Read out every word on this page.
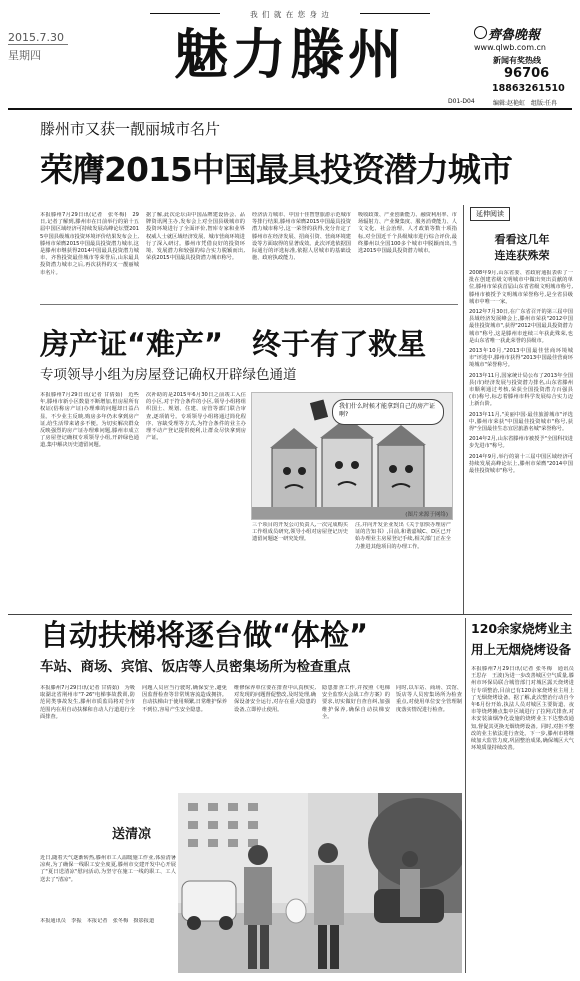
我 们 就 在 您 身 边
2015.7.30
星期四	魅力滕州	齊魯晚報
www.qlwb.com.cn
新闻有奖热线
96706
18863261510
D01-D04	编辑:赵艳虹　组版:任冉
滕州市又获一靓丽城市名片
荣膺2015中国最具投资潜力城市
本报滕州7月29日讯(记者　张冬梅)　29日,记者了解到,滕州市在日前举行的第十五届中国区域经济可持续发展高峰论坛暨2015中国县级城市投资环境评价结果发布会上,滕州市荣膺2015中国最具投资潜力城市,这是滕州市继获得2014中国最具投资潜力城市、齐鲁投资最佳城市等荣誉后,山东最具投资潜力城市之后,再次获得的又一靓丽城市名片。
据了解,此次论坛由中国品牌建设协会、品牌资讯网主办,发布会上对全国县级城市的投资环境进行了全面评价,智库专家和业界权威人士就区域经济发展、城市营商环境进行了深入研讨。滕州市凭借良好的投资环境、发展潜力和较强的综合实力脱颖而出,荣获2015中国最具投资潜力城市称号。
经济活力城市、中国十佳智慧旅游示范城市等排行结果,滕州市荣膺2015中国最具投资潜力城市称号,这一荣誉的获得,充分肯定了滕州市在经济发展、招商引资、营商环境建设等方面取得的显著成效。此次评选依据国际通行的评选标准,依据人居城市的基础设施、政府执政能力、
吸收政策、产业创新能力、融资利用率、市场辐射力、产业聚集度、服务消费能力、人文文化、社会治理、人才政策等数十项指标,对全国近千个县级城市进行综合评价,最终滕州以全国100多个城市中脱颖而出,当选2015中国最具投资潜力城市。
延伸阅读
看看这几年
连连获殊荣

2008年9月,山东省委、省政府通报表彰了一批在创建省级文明城市中做出突出贡献的单位,滕州市荣获首届山东省省级文明城市称号,滕州市被授予文明城市荣誉称号,是全省县级城市中唯一一家。

2012年7月30日,在广东省召开的第三届中国县域经济发展峰会上,滕州市荣获"2012中国最佳投资城市",获得"2012中国最具投资潜力城市"称号,这是滕州市连续三年获此殊荣,也是山东省唯一获此荣誉的县级市。

2013年10月,"2013中国最佳营商环境城市"评选中,滕州市获得"2013中国最佳营商环境城市"荣誉称号。

2013年11月,国家统计局公布了2013年全国县(市)经济发展与投资潜力排名,山东省滕州市顺利通过考核,荣获全国投资潜力百强县(市)称号,标志着滕州市科学发展综合实力迈上新台阶。

2013年11月,"美丽中国·最佳旅游城市"评选中,滕州市荣获"中国最佳投资城市"称号,获得"全国最佳生态宜居旅游名城"荣誉称号。

2014年2月,山东省滕州市被授予"全国科技进步先进市"称号。

2014年9月,举行的第十三届中国区域经济可持续发展高峰论坛上,滕州市荣膺"2014中国最佳投资城市"称号。

房产证“难产”　终于有了救星
专项领导小组为房屋登记确权开辟绿色通道
本报滕州7月29日讯(记者 甘倩茹)　近些年,滕州市新小区数量不断增加,但房屋所有权证(俗称房产证)办理难的问题却日益凸显。不少业主反映,购房多年仍未拿到房产证,给生活带来诸多不便。为切实解决群众反映强烈的房产证办理难问题,滕州市成立了房屋登记确权专项领导小组,开辟绿色通道,集中解决历史遗留问题。
次补助的是2015年6月30日之前竣工入住的小区,对于符合条件的小区,领导小组将组织国土、规划、住建、房管等部门联合审查,逐项销号。专项领导小组将通过简化程序、容缺受理等方式,为符合条件的业主办理不动产登记提供便利,让群众尽快拿到房产证。
我们什么时候才能拿到自己的房产证啊?
(图片来源于网络)
三个项目的开发公司负责人,一次完成购买工作组成员研究,领导小组对房屋登记历史遗留问题逐一研究处理。
注,并向开发企业发出《关于加快办理房产证的告知书》,目前,和谐嘉城C、D区已开始办理业主房屋登记手续,相关部门正在全力推进其他项目的办理工作。
自动扶梯将逐台做“体检”
车站、商场、宾馆、饭店等人员密集场所为检查重点
本报滕州7月29日讯(记者 甘倩茹)　为吸取湖北省荆州市"7·26"电梯事故教训,防范同类事故发生,滕州市质监局将对全市范围内在用自动扶梯和自动人行道进行全面排查。
问题人员应当行驶时,确保安全,避免因监督检查等非常规客流造成拥挤。自动扶梯由于使用频繁,日常维护保养不到位,容易产生安全隐患。
维修保养单位要在排查中认真核实,对发现的问题督促整改,及时处理,确保设备安全运行,对存在重大隐患的设备,立即停止使用。
隐患排查工作,并按照《电梯安全监察大会战工作方案》的要求,切实做好自查自纠,加强维护保养,确保自动扶梯安全。
同时,以车站、商场、宾馆、饭店等人员密集场所为检查重点,对使用单位安全管理制度落实情况进行检查。
120余家烧烤业主用上无烟烧烤设备
本报滕州7月29日讯(记者 张冬梅　通讯员 王思存　王波)为进一步改善城区空气质量,滕州市环保局联合城管部门对城区露天烧烤进行专项整治,目前已有120余家烧烤业主用上了无烟烧烤设备。据了解,此次整治行动自今年6月份开始,执法人员对城区主要街道、夜市等烧烤摊点集中区域进行了拉网式排查,对未安装油烟净化设施的烧烤业主下达整改通知,督促其更换无烟烧烤设备。同时,对拒不整改的业主依法进行查处。下一步,滕州市将继续加大监管力度,巩固整治成果,确保城区大气环境质量持续改善。
送清凉
近日,随着天气逐渐转热,滕州市工人温暖施工作业,体验清暑凉爽,为了确保一线职工安全度夏,滕州市交建开发中心开展了"夏日送清凉"慰问活动,为坚守在施工一线的职工、工人送去了"清凉"。
本报通讯员　李振　本报记者　张冬梅　摄影报道
